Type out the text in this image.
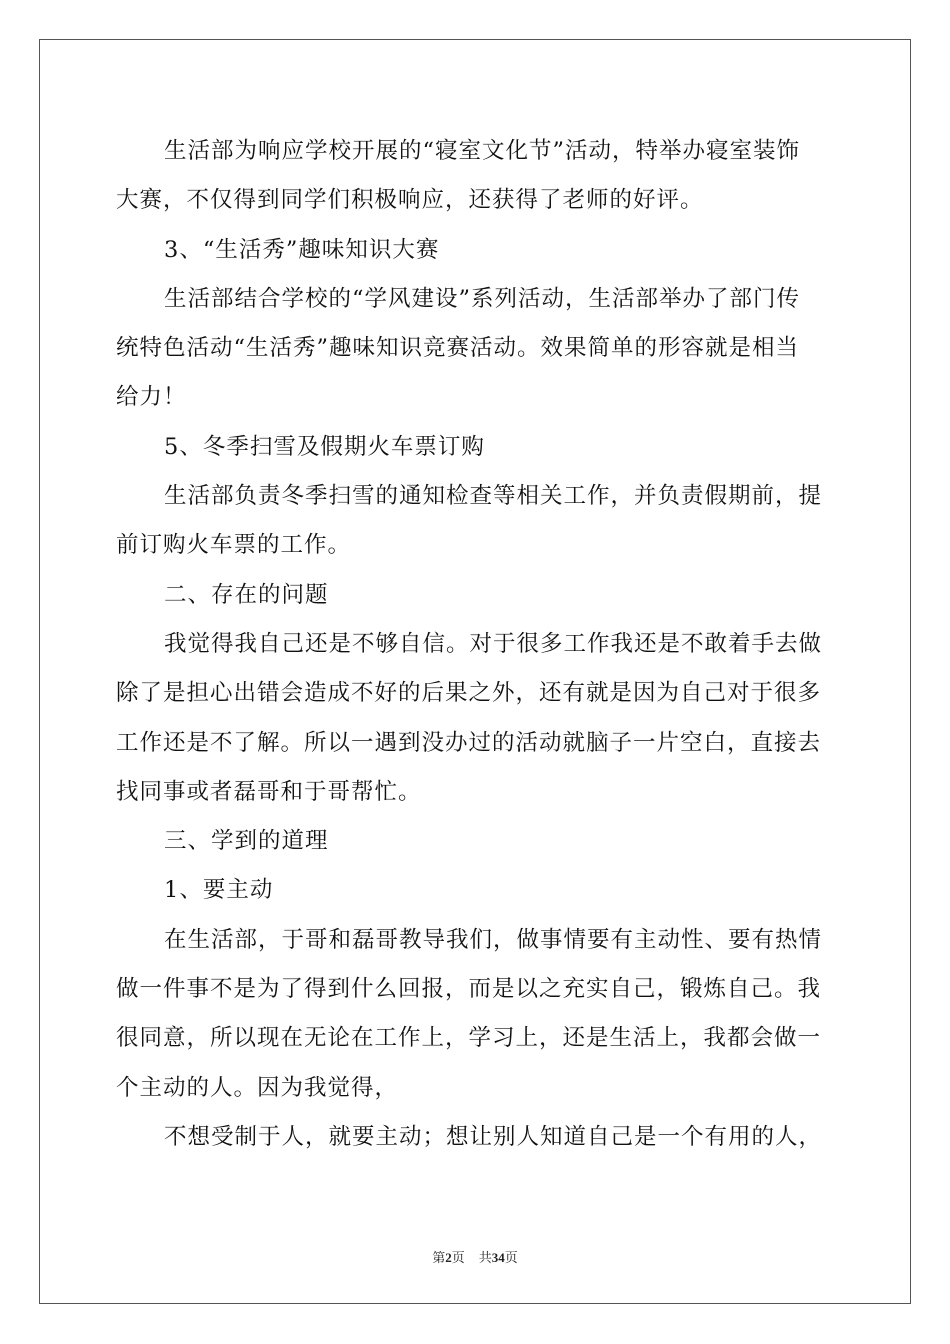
生活部为响应学校开展的“寝室文化节”活动，特举办寝室装饰
大赛，不仅得到同学们积极响应，还获得了老师的好评。
3、“生活秀”趣味知识大赛
生活部结合学校的“学风建设”系列活动，生活部举办了部门传
统特色活动“生活秀”趣味知识竞赛活动。效果简单的形容就是相当
给力！
5、冬季扫雪及假期火车票订购
生活部负责冬季扫雪的通知检查等相关工作，并负责假期前，提
前订购火车票的工作。
二、存在的问题
我觉得我自己还是不够自信。对于很多工作我还是不敢着手去做
除了是担心出错会造成不好的后果之外，还有就是因为自己对于很多
工作还是不了解。所以一遇到没办过的活动就脑子一片空白，直接去
找同事或者磊哥和于哥帮忙。
三、学到的道理
1、要主动
在生活部，于哥和磊哥教导我们，做事情要有主动性、要有热情
做一件事不是为了得到什么回报，而是以之充实自己，锻炼自己。我
很同意，所以现在无论在工作上，学习上，还是生活上，我都会做一
个主动的人。因为我觉得，
不想受制于人，就要主动；想让别人知道自己是一个有用的人，
第2页 共34页
